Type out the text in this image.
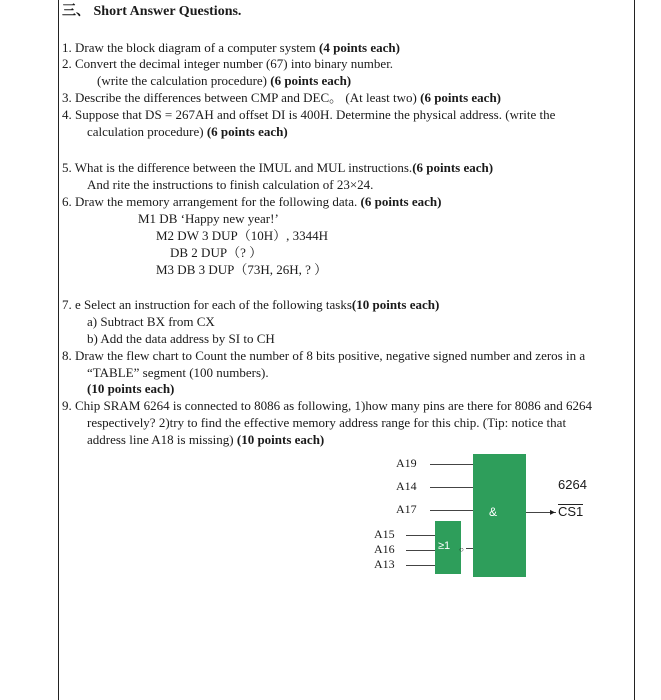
三、 Short Answer Questions.
1. Draw the block diagram of a computer system (4 points each)
2. Convert the decimal integer number (67) into binary number.
(write the calculation procedure) (6 points each)
3. Describe the differences between CMP and DEC。 (At least two) (6 points each)
4. Suppose that DS = 267AH and offset DI is 400H. Determine the physical address. (write the
calculation procedure) (6 points each)
5. What is the difference between the IMUL and MUL instructions.(6 points each)
And rite the instructions to finish calculation of 23×24.
6. Draw the memory arrangement for the following data. (6 points each)
M1 DB ‘Happy new year!’
M2 DW 3 DUP（10H）, 3344H
DB 2 DUP（? ）
M3 DB 3 DUP（73H, 26H, ? ）
7. e Select an instruction for each of the following tasks(10 points each)
a) Subtract BX from CX
b) Add the data address by SI to CH
8. Draw the flew chart to Count the number of 8 bits positive, negative signed number and zeros in a
“TABLE” segment (100 numbers).
(10 points each)
9. Chip SRAM 6264 is connected to 8086 as following, 1)how many pins are there for 8086 and 6264
respectively? 2)try to find the effective memory address range for this chip. (Tip: notice that
address line A18 is missing) (10 points each)
A19
A14
A17	&	▸
6264
CS1
A15
A16
A13
≥1 ○
